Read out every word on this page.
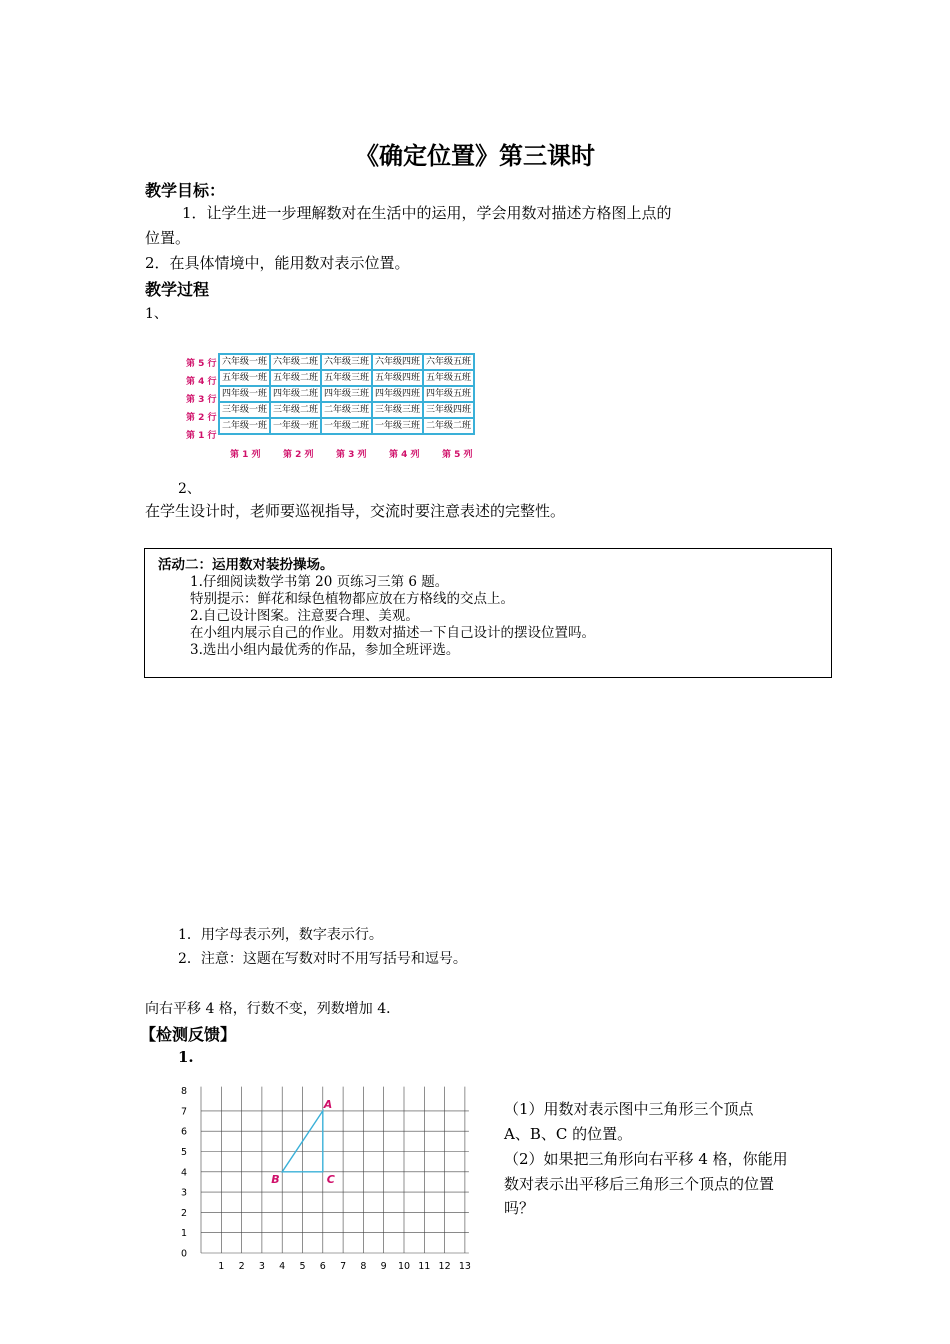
《确定位置》第三课时
教学目标：
1．让学生进一步理解数对在生活中的运用，学会用数对描述方格图上点的
位置。
2．在具体情境中，能用数对表示位置。
教学过程
1、
第 5 行
第 4 行
第 3 行
第 2 行
第 1 行
六年级一班	六年级二班	六年级三班	六年级四班	六年级五班
五年级一班	五年级二班	五年级三班	五年级四班	五年级五班
四年级一班	四年级二班	四年级三班	四年级四班	四年级五班
三年级一班	三年级二班	二年级三班	三年级三班	三年级四班
二年级一班	一年级一班	一年级二班	一年级三班	二年级二班
第 1 列 第 2 列 第 3 列 第 4 列 第 5 列
2、
在学生设计时，老师要巡视指导，交流时要注意表述的完整性。
活动二：运用数对装扮操场。
1.仔细阅读数学书第 20 页练习三第 6 题。
特别提示：鲜花和绿色植物都应放在方格线的交点上。
2.自己设计图案。注意要合理、美观。
在小组内展示自己的作业。用数对描述一下自己设计的摆设位置吗。
3.选出小组内最优秀的作品，参加全班评选。
1．用字母表示列，数字表示行。
2．注意：这题在写数对时不用写括号和逗号。
向右平移 4 格，行数不变，列数增加 4．
【检测反馈】
1.
1 2 3 4 5 6 7 8 9 10 11 12 13
0
1
2
3
4
5
6
7
8
A
B	C
（1）用数对表示图中三角形三个顶点
A、B、C 的位置。
（2）如果把三角形向右平移 4 格，你能用
数对表示出平移后三角形三个顶点的位置
吗？
